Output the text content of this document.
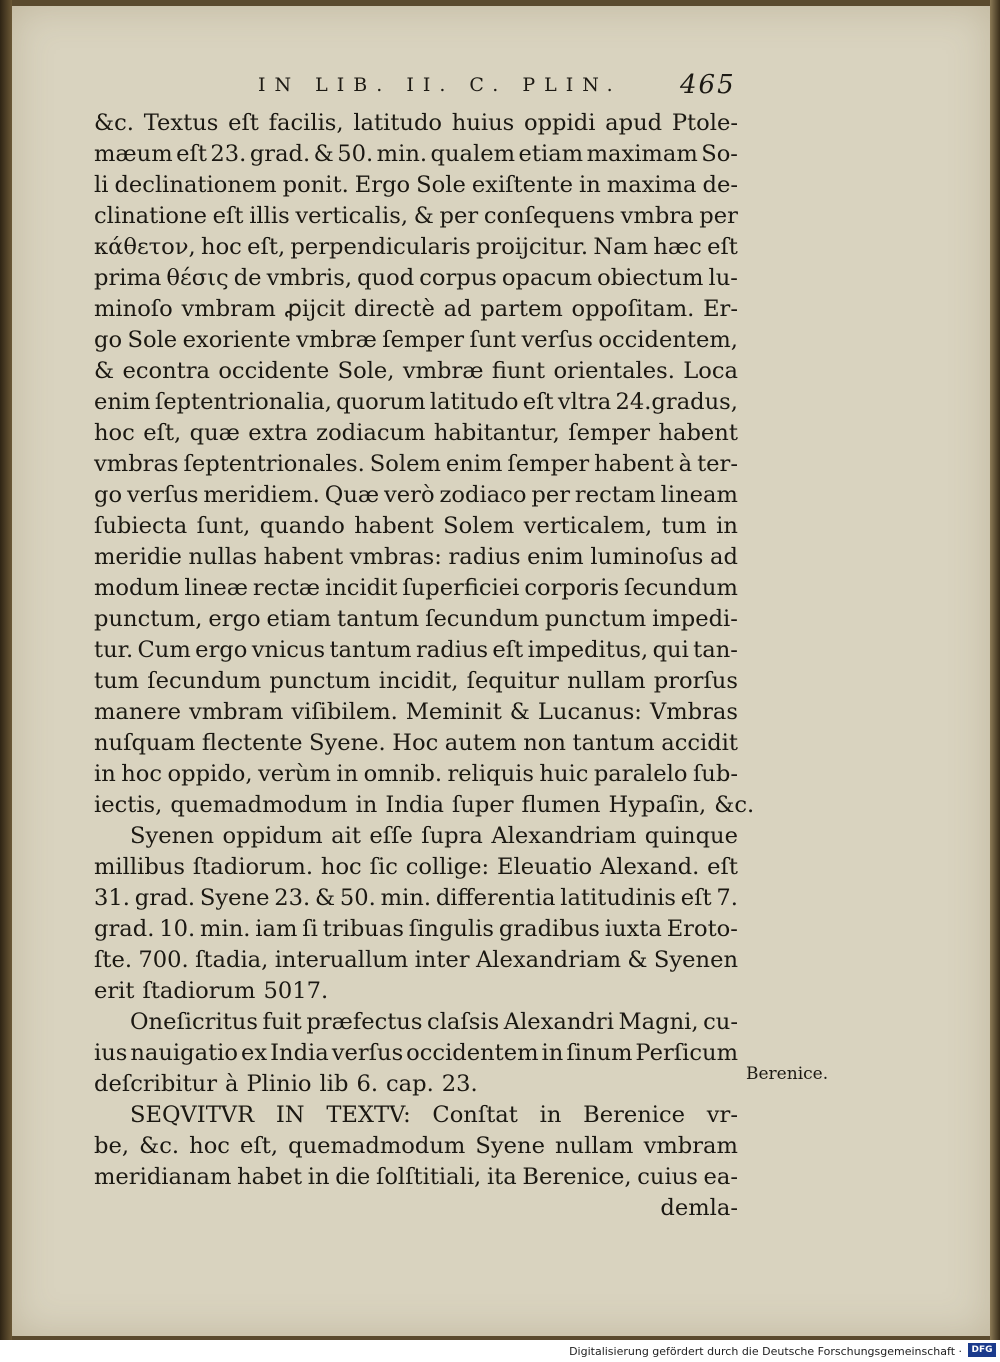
IN LIB. II. C. PLIN. 465
&c. Textus eſt facilis, latitudo huius oppidi apud Ptole-
mæum eſt 23. grad. & 50. min. qualem etiam maximam So-
li declinationem ponit. Ergo Sole exiſtente in maxima de-
clinatione eſt illis verticalis, & per conſequens vmbra per
κάθετον, hoc eſt, perpendicularis proijcitur. Nam hæc eſt
prima θέσις de vmbris, quod corpus opacum obiectum lu-
minoſo vmbram ꝓijcit directè ad partem oppoſitam. Er-
go Sole exoriente vmbræ ſemper ſunt verſus occidentem,
& econtra occidente Sole, vmbræ fiunt orientales. Loca
enim ſeptentrionalia, quorum latitudo eſt vltra 24.gradus,
hoc eſt, quæ extra zodiacum habitantur, ſemper habent
vmbras ſeptentrionales. Solem enim ſemper habent à ter-
go verſus meridiem. Quæ verò zodiaco per rectam lineam
ſubiecta ſunt, quando habent Solem verticalem, tum in
meridie nullas habent vmbras: radius enim luminoſus ad
modum lineæ rectæ incidit ſuperficiei corporis ſecundum
punctum, ergo etiam tantum ſecundum punctum impedi-
tur. Cum ergo vnicus tantum radius eſt impeditus, qui tan-
tum ſecundum punctum incidit, ſequitur nullam prorſus
manere vmbram viſibilem. Meminit & Lucanus: Vmbras
nuſquam flectente Syene. Hoc autem non tantum accidit
in hoc oppido, verùm in omnib. reliquis huic paralelo ſub-
iectis, quemadmodum in India ſuper flumen Hypaſin, &c.
Syenen oppidum ait eſſe ſupra Alexandriam quinque
millibus ſtadiorum. hoc ſic collige: Eleuatio Alexand. eſt
31. grad. Syene 23. & 50. min. differentia latitudinis eſt 7.
grad. 10. min. iam ſi tribuas ſingulis gradibus iuxta Eroto-
ſte. 700. ſtadia, interuallum inter Alexandriam & Syenen
erit ſtadiorum 5017.
Oneſicritus fuit præfectus claſsis Alexandri Magni, cu-
ius nauigatio ex India verſus occidentem in ſinum Perſicum
deſcribitur à Plinio lib 6. cap. 23.
SEQVITVR IN TEXTV: Conſtat in Berenice vr-
be, &c. hoc eſt, quemadmodum Syene nullam vmbram
meridianam habet in die ſolſtitiali, ita Berenice, cuius ea-
dem la-
Berenice.
Digitalisierung gefördert durch die Deutsche Forschungsgemeinschaft ·	DFG
